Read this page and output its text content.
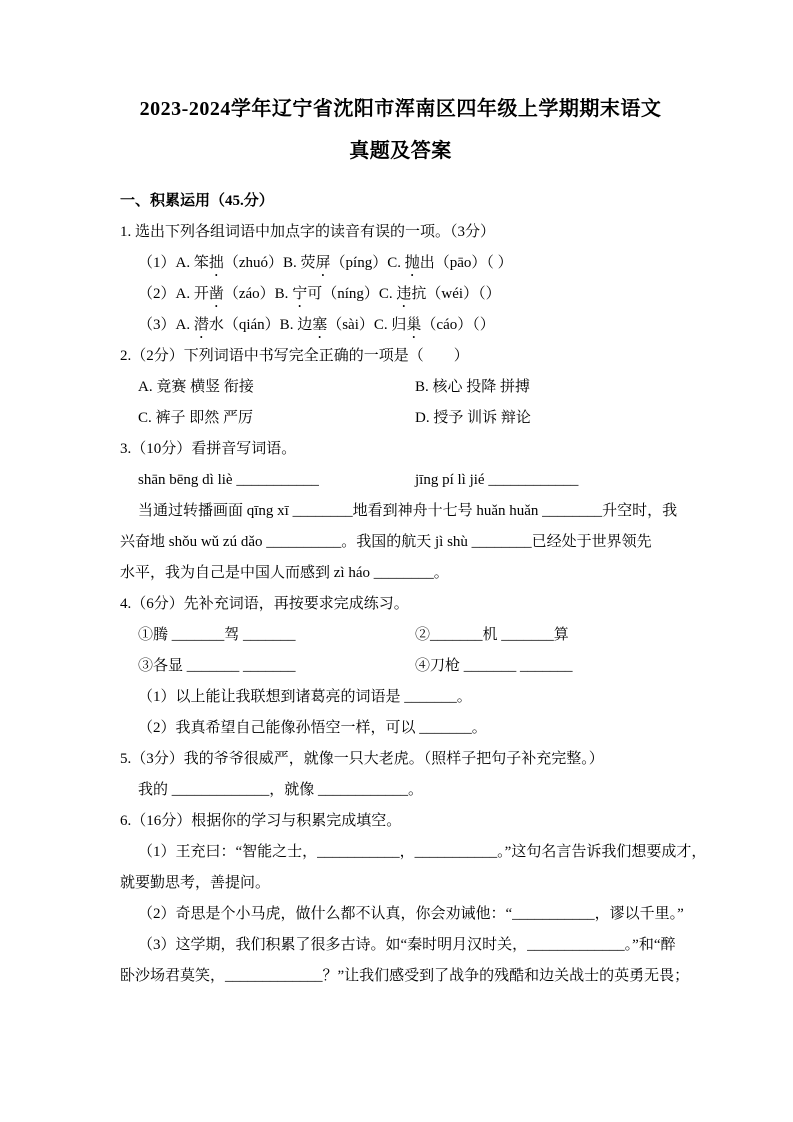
2023-2024学年辽宁省沈阳市浑南区四年级上学期期末语文
真题及答案
一、积累运用（45.分）
1. 选出下列各组词语中加点字的读音有误的一项。（3分）
（1）A. 笨拙（zhuó）B. 荧屏（píng）C. 抛出（pāo）（ ）
（2）A. 开凿（záo）B. 宁可（níng）C. 违抗（wéi）（）
（3）A. 潜水（qián）B. 边塞（sài）C. 归巢（cáo）（）
2.（2分）下列词语中书写完全正确的一项是（　　）
A. 竟赛 横竖 衔接	B. 核心 投降 拼搏
C. 裤子 即然 严厉	D. 授予 训诉 辩论
3.（10分）看拼音写词语。
shān bēng dì liè ___________	jīng pí lì jié ____________
当通过转播画面 qīng xī ________地看到神舟十七号 huǎn huǎn ________升空时，我
兴奋地 shǒu wǔ zú dǎo __________。我国的航天 jì shù ________已经处于世界领先
水平，我为自己是中国人而感到 zì háo ________。
4.（6分）先补充词语，再按要求完成练习。
①腾 _______驾 _______	②_______机 _______算
③各显 _______ _______	④刀枪 _______ _______
（1）以上能让我联想到诸葛亮的词语是 _______。
（2）我真希望自己能像孙悟空一样，可以 _______。
5.（3分）我的爷爷很威严，就像一只大老虎。（照样子把句子补充完整。）
我的 _____________，就像 ____________。
6.（16分）根据你的学习与积累完成填空。
（1）王充曰：“智能之士，___________，___________。”这句名言告诉我们想要成才，
就要勤思考，善提问。
（2）奇思是个小马虎，做什么都不认真，你会劝诫他：“___________，谬以千里。”
（3）这学期，我们积累了很多古诗。如“秦时明月汉时关，_____________。”和“醉
卧沙场君莫笑，_____________？”让我们感受到了战争的残酷和边关战士的英勇无畏；
